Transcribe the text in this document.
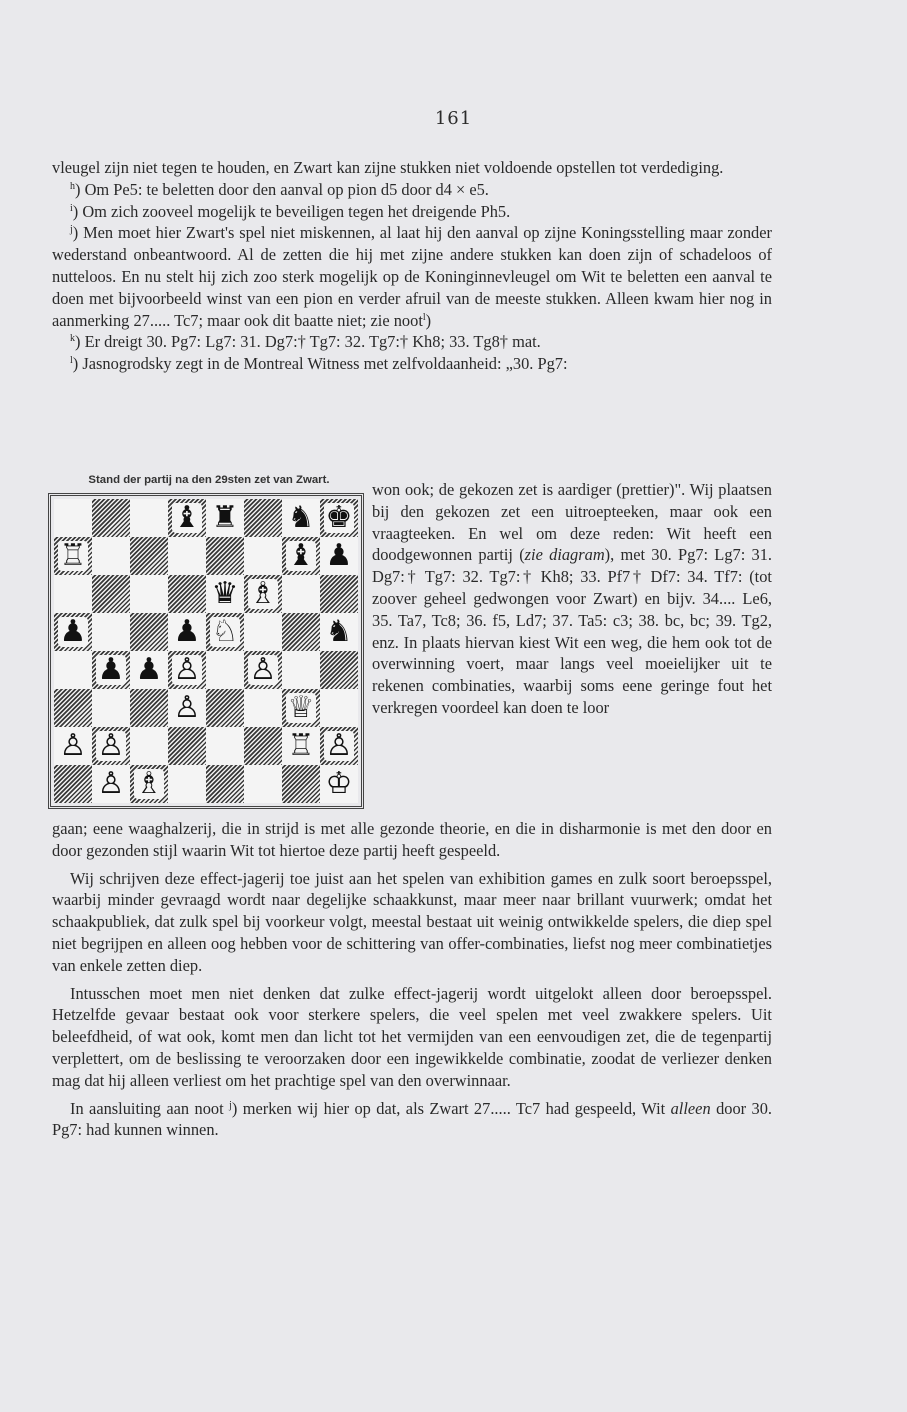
161

vleugel zijn niet tegen te houden, en Zwart kan zijne stukken niet voldoende opstellen tot verdediging.

$^h$) Om Pe5: te beletten door den aanval op pion d5 door d4 × e5.

$^i$) Om zich zooveel mogelijk te beveiligen tegen het dreigende Ph5.

$^j$) Men moet hier Zwart's spel niet miskennen, al laat hij den aanval op zijne Koningsstelling maar zonder wederstand onbeantwoord. Al de zetten die hij met zijne andere stukken kan doen zijn of schadeloos of nutteloos. En nu stelt hij zich zoo sterk mogelijk op de Koninginnevleugel om Wit te beletten een aanval te doen met bijvoorbeeld winst van een pion en verder afruil van de meeste stukken. Alleen kwam hier nog in aanmerking 27..... Tc7; maar ook dit baatte niet; zie noot$^l$)

$^k$) Er dreigt 30. Pg7: Lg7: 31. Dg7:† Tg7: 32. Tg7:† Kh8; 33. Tg8† mat.

$^l$) Jasnogrodsky zegt in de Montreal Witness met zelfvoldaanheid: „30. Pg7:

Stand der partij na den 29sten zet van Zwart.
♝ ♜ ♞ ♚
♖	♝ ♟
♛ ♗
♟	♟ ♘	♞
♟ ♟ ♙ ♙
♙	♕
♙ ♙	♖ ♙
♙ ♗	♔

won ook; de gekozen zet is aardiger (prettier)". Wij plaatsen bij den gekozen zet een uitroepteeken, maar ook een vraagteeken. En wel om deze reden: Wit heeft een doodgewonnen partij (zie diagram), met 30. Pg7: Lg7: 31. Dg7:† Tg7: 32. Tg7:† Kh8; 33. Pf7† Df7: 34. Tf7: (tot zoover geheel gedwongen voor Zwart) en bijv. 34.... Le6, 35. Ta7, Tc8; 36. f5, Ld7; 37. Ta5: c3; 38. bc, bc; 39. Tg2, enz. In plaats hiervan kiest Wit een weg, die hem ook tot de overwinning voert, maar langs veel moeielijker uit te rekenen combinaties, waarbij soms eene geringe fout het verkregen voordeel kan doen te loor

gaan; eene waaghalzerij, die in strijd is met alle gezonde theorie, en die in disharmonie is met den door en door gezonden stijl waarin Wit tot hiertoe deze partij heeft gespeeld.

Wij schrijven deze effect-jagerij toe juist aan het spelen van exhibition games en zulk soort beroepsspel, waarbij minder gevraagd wordt naar degelijke schaakkunst, maar meer naar brillant vuurwerk; omdat het schaakpubliek, dat zulk spel bij voorkeur volgt, meestal bestaat uit weinig ontwikkelde spelers, die diep spel niet begrijpen en alleen oog hebben voor de schittering van offer-combinaties, liefst nog meer combinatietjes van enkele zetten diep.

Intusschen moet men niet denken dat zulke effect-jagerij wordt uitgelokt alleen door beroepsspel. Hetzelfde gevaar bestaat ook voor sterkere spelers, die veel spelen met veel zwakkere spelers. Uit beleefdheid, of wat ook, komt men dan licht tot het vermijden van een eenvoudigen zet, die de tegenpartij verplettert, om de beslissing te veroorzaken door een ingewikkelde combinatie, zoodat de verliezer denken mag dat hij alleen verliest om het prachtige spel van den overwinnaar.

In aansluiting aan noot $^j$) merken wij hier op dat, als Zwart 27..... Tc7 had gespeeld, Wit alleen door 30. Pg7: had kunnen winnen.
